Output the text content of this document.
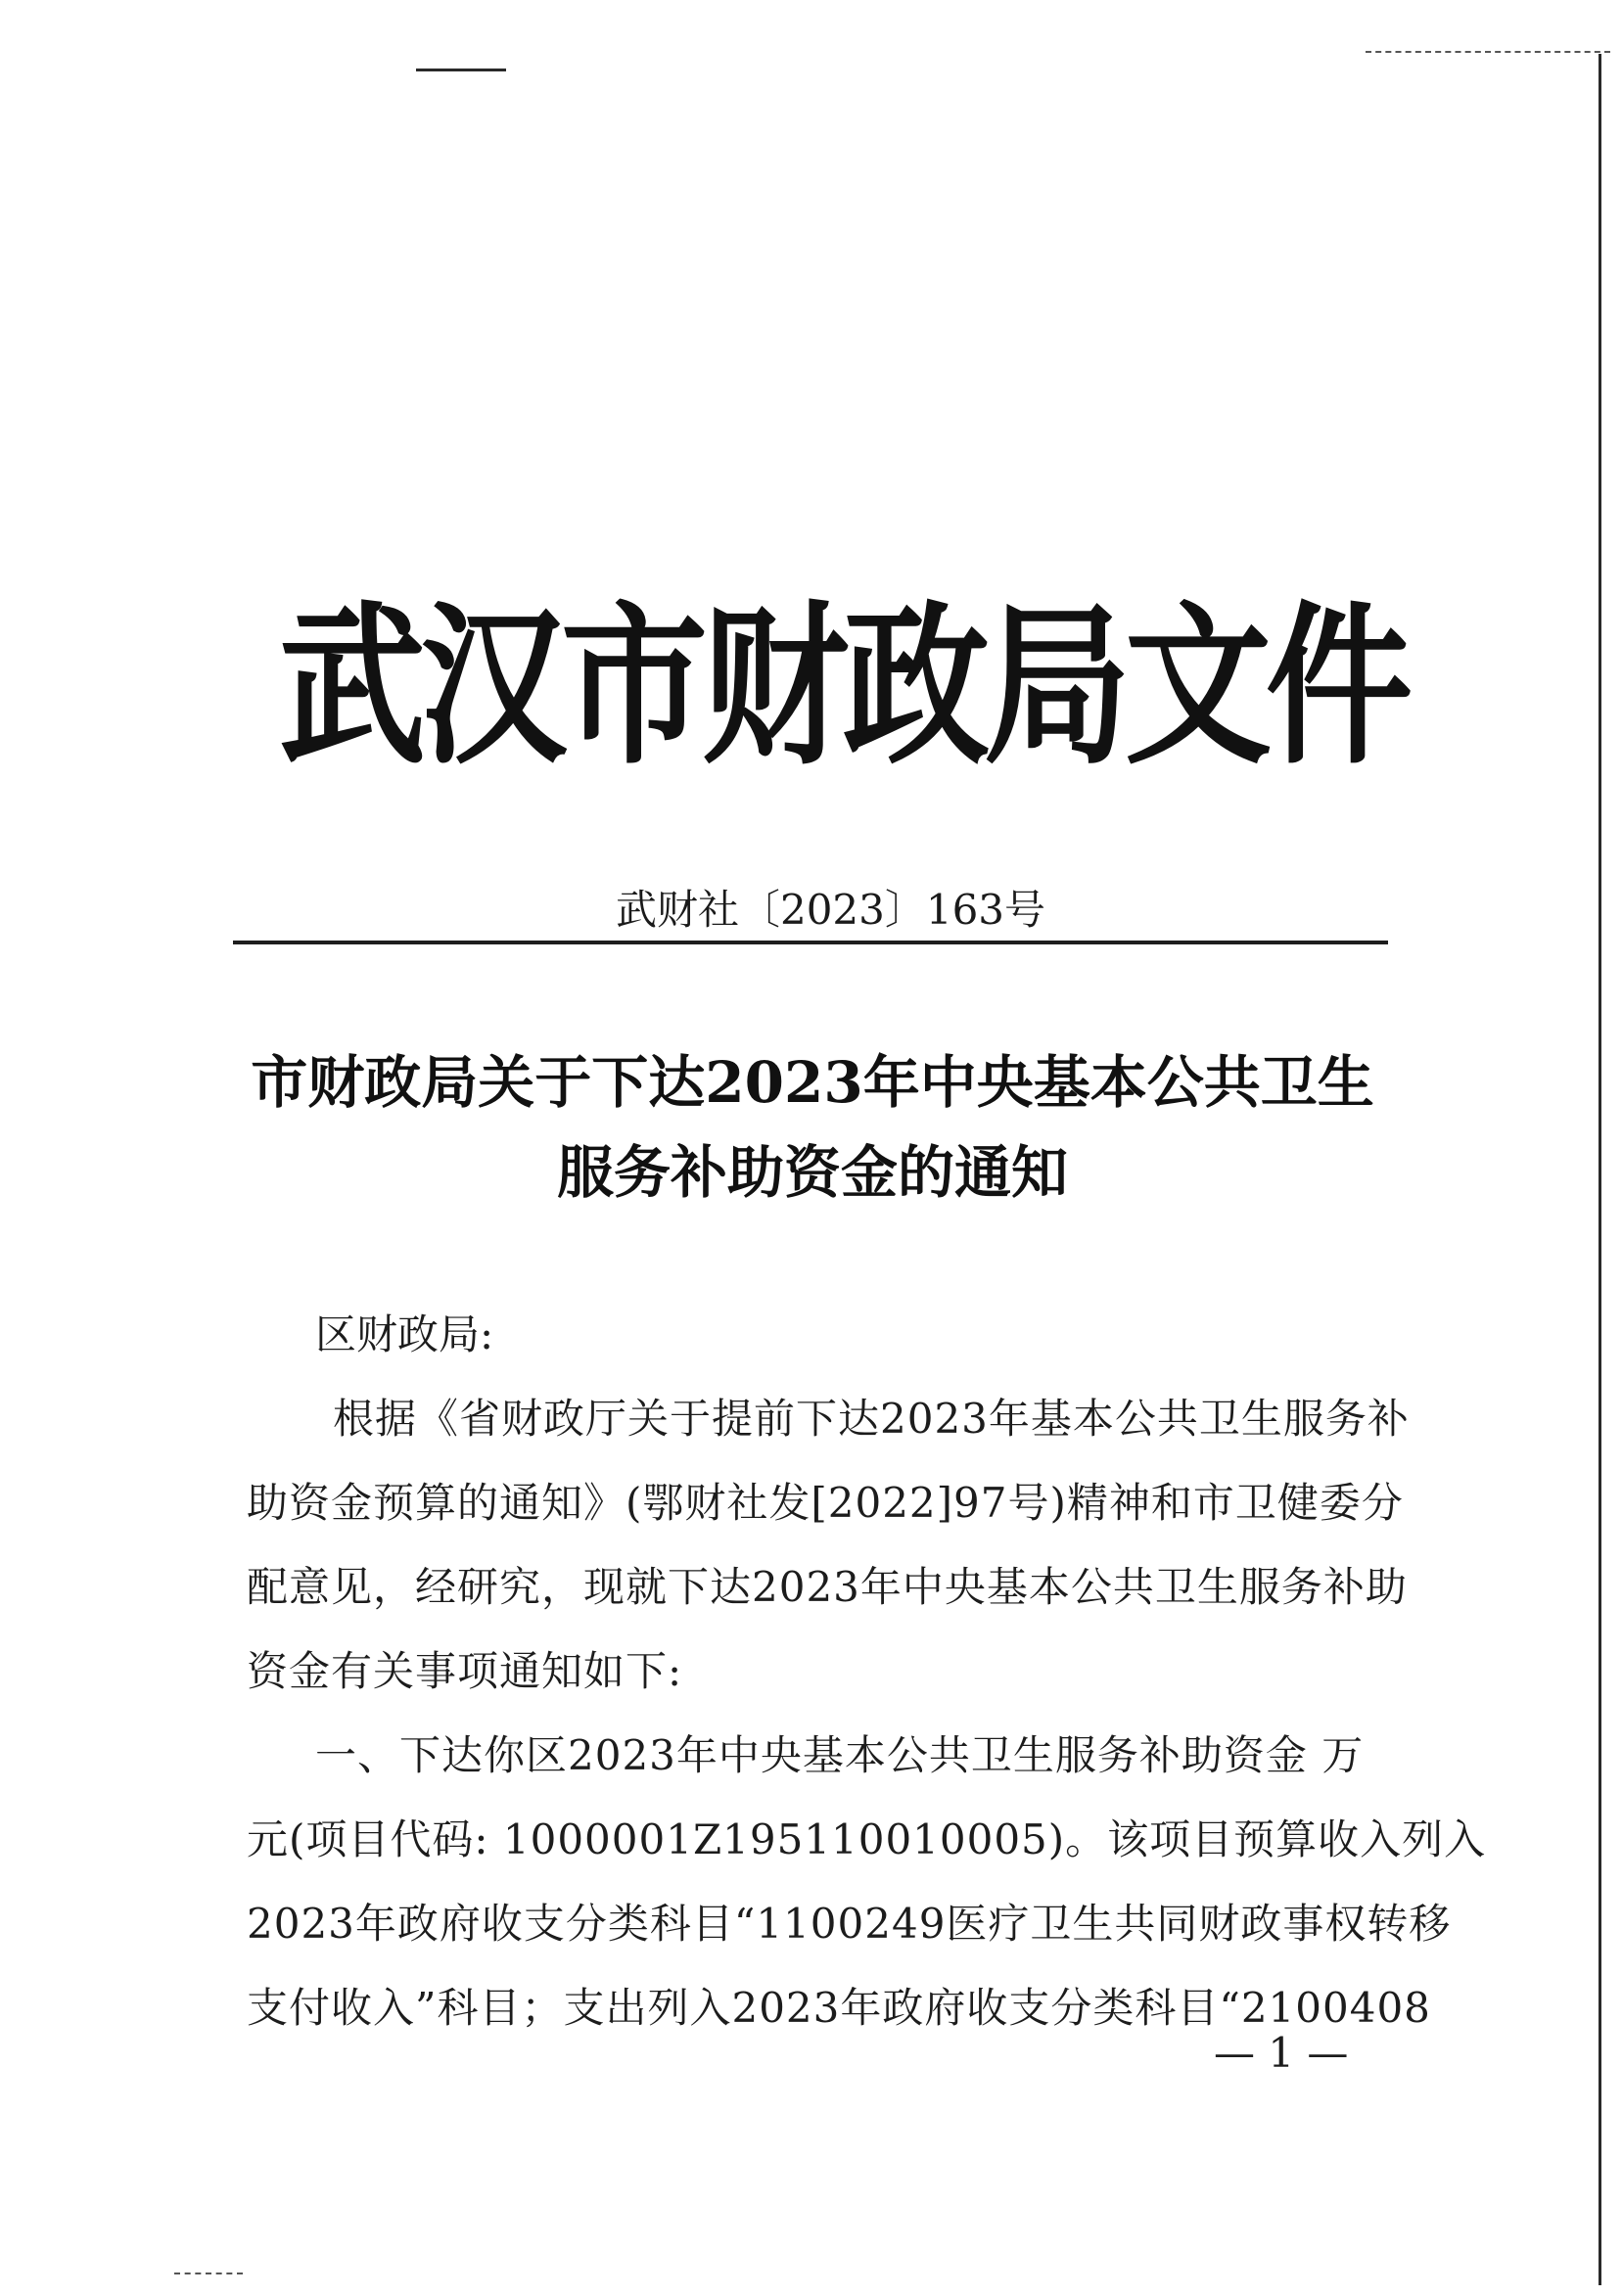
武汉市财政局文件
武财社〔2023〕163号
市财政局关于下达2023年中央基本公共卫生
服务补助资金的通知
区财政局:
根据《省财政厅关于提前下达2023年基本公共卫生服务补
助资金预算的通知》(鄂财社发[2022]97号)精神和市卫健委分
配意见，经研究，现就下达2023年中央基本公共卫生服务补助
资金有关事项通知如下:
一、下达你区2023年中央基本公共卫生服务补助资金 万
元(项目代码: 1000001Z195110010005)。该项目预算收入列入
2023年政府收支分类科目“1100249医疗卫生共同财政事权转移
支付收入”科目；支出列入2023年政府收支分类科目“2100408
— 1 —
